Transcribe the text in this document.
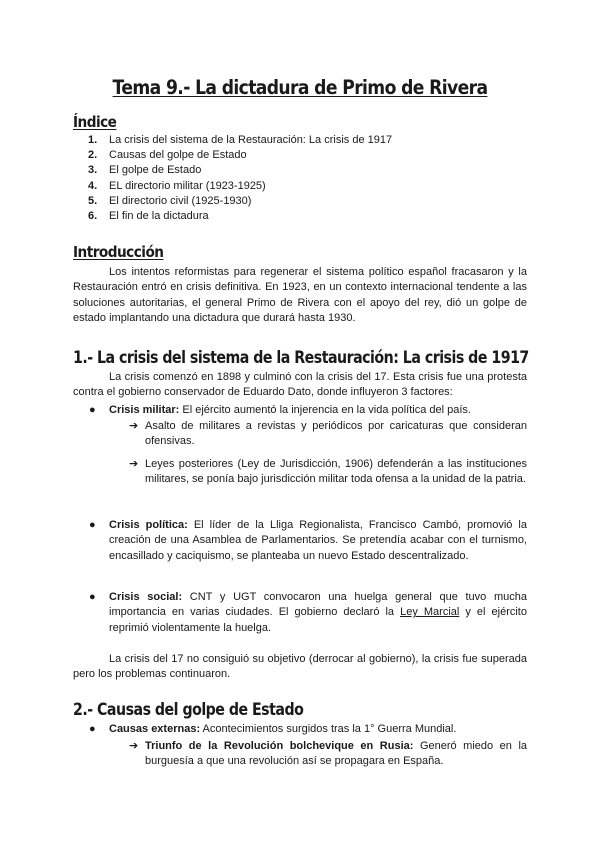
Tema 9.- La dictadura de Primo de Rivera
Índice
1. La crisis del sistema de la Restauración: La crisis de 1917
2. Causas del golpe de Estado
3. El golpe de Estado
4. EL directorio militar (1923-1925)
5. El directorio civil (1925-1930)
6. El fin de la dictadura
Introducción

Los intentos reformistas para regenerar el sistema político español fracasaron y la Restauración entró en crisis definitiva. En 1923, en un contexto internacional tendente a las soluciones autoritarias, el general Primo de Rivera con el apoyo del rey, dió un golpe de estado implantando una dictadura que durará hasta 1930.

1.- La crisis del sistema de la Restauración: La crisis de 1917

La crisis comenzó en 1898 y culminó con la crisis del 17. Esta crisis fue una protesta contra el gobierno conservador de Eduardo Dato, donde influyeron 3 factores:

● Crisis militar: El ejército aumentó la injerencia en la vida política del país.

➔ Asalto de militares a revistas y periódicos por caricaturas que consideran ofensivas.

➔ Leyes posteriores (Ley de Jurisdicción, 1906) defenderán a las instituciones militares, se ponía bajo jurisdicción militar toda ofensa a la unidad de la patria.

● Crisis política: El líder de la Lliga Regionalista, Francisco Cambó, promovió la creación de una Asamblea de Parlamentarios. Se pretendía acabar con el turnismo, encasillado y caciquismo, se planteaba un nuevo Estado descentralizado.

● Crisis social: CNT y UGT convocaron una huelga general que tuvo mucha importancia en varias ciudades. El gobierno declaró la Ley Marcial y el ejército reprimió violentamente la huelga.

La crisis del 17 no consiguió su objetivo (derrocar al gobierno), la crisis fue superada pero los problemas continuaron.

2.- Causas del golpe de Estado
● Causas externas: Acontecimientos surgidos tras la 1° Guerra Mundial.

➔ Triunfo de la Revolución bolchevique en Rusia: Generó miedo en la burguesía a que una revolución así se propagara en España.
